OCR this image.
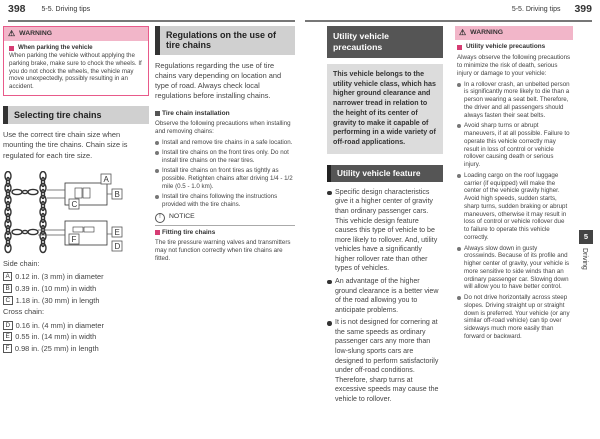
398 5-5. Driving tips	5-5. Driving tips 399
⚠ WARNING
When parking the vehicle
When parking the vehicle without applying the parking brake, make sure to chock the wheels. If you do not chock the wheels, the vehicle may move unexpectedly, possibly resulting in an accident.
Selecting tire chains
Use the correct tire chain size when mounting the tire chains. Chain size is regulated for each tire size.
A
B
C
D
E
F
Side chain:
A 0.12 in. (3 mm) in diameter
B 0.39 in. (10 mm) in width
C 1.18 in. (30 mm) in length
Cross chain:
D 0.16 in. (4 mm) in diameter
E 0.55 in. (14 mm) in width
F 0.98 in. (25 mm) in length
Regulations on the use of tire chains
Regulations regarding the use of tire chains vary depending on location and type of road. Always check local regulations before installing chains.
Tire chain installation
Observe the following precautions when installing and removing chains:
Install and remove tire chains in a safe location.
Install tire chains on the front tires only. Do not install tire chains on the rear tires.
Install tire chains on front tires as tightly as possible. Retighten chains after driving 1/4 - 1/2 mile (0.5 - 1.0 km).
Install tire chains following the instructions provided with the tire chains.
!	NOTICE
Fitting tire chains
The tire pressure warning valves and transmitters may not function correctly when tire chains are fitted.
Utility vehicle precautions
This vehicle belongs to the utility vehicle class, which has higher ground clearance and narrower tread in relation to the height of its center of gravity to make it capable of performing in a wide variety of off-road applications.
Utility vehicle feature
Specific design characteristics give it a higher center of gravity than ordinary passenger cars. This vehicle design feature causes this type of vehicle to be more likely to rollover. And, utility vehicles have a significantly higher rollover rate than other types of vehicles.
An advantage of the higher ground clearance is a better view of the road allowing you to anticipate problems.
It is not designed for cornering at the same speeds as ordinary passenger cars any more than low-slung sports cars are designed to perform satisfactorily under off-road conditions. Therefore, sharp turns at excessive speeds may cause the vehicle to rollover.
⚠ WARNING
Utility vehicle precautions
Always observe the following precautions to minimize the risk of death, serious injury or damage to your vehicle:
In a rollover crash, an unbelted person is significantly more likely to die than a person wearing a seat belt. Therefore, the driver and all passengers should always fasten their seat belts.
Avoid sharp turns or abrupt maneuvers, if at all possible. Failure to operate this vehicle correctly may result in loss of control or vehicle rollover causing death or serious injury.
Loading cargo on the roof luggage carrier (if equipped) will make the center of the vehicle gravity higher. Avoid high speeds, sudden starts, sharp turns, sudden braking or abrupt maneuvers, otherwise it may result in loss of control or vehicle rollover due to failure to operate this vehicle correctly.
Always slow down in gusty crosswinds. Because of its profile and higher center of gravity, your vehicle is more sensitive to side winds than an ordinary passenger car. Slowing down will allow you to have better control.
Do not drive horizontally across steep slopes. Driving straight up or straight down is preferred. Your vehicle (or any similar off-road vehicle) can tip over sideways much more easily than forward or backward.
5
Driving
